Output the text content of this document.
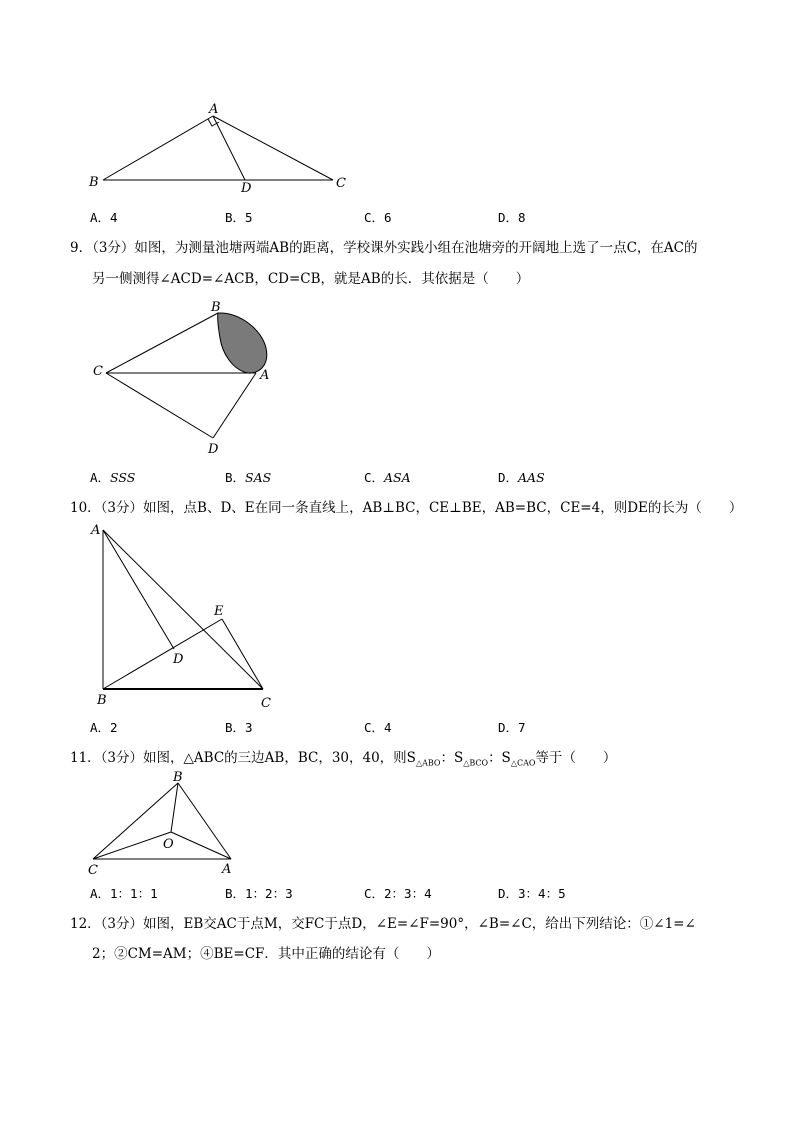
A
B	D	C
A．4	B．5	C．6	D．8
9．（3分）如图，为测量池塘两端AB的距离，学校课外实践小组在池塘旁的开阔地上选了一点C，在AC的
另一侧测得∠ACD=∠ACB，CD=CB，就是AB的长．其依据是（　　）
B
C	A
D
A．SSS	B．SAS	C．ASA	D．AAS
10．（3分）如图，点B、D、E在同一条直线上，AB⊥BC，CE⊥BE，AB=BC，CE=4，则DE的长为（　　）
A
E
D
B	C
A．2	B．3	C．4	D．7
11．（3分）如图，△ABC的三边AB，BC，30，40，则$S_{\triangle ABO}$：$S_{\triangle BCO}$：$S_{\triangle CAO}$等于（　　）
B
O
C	A
A．1：1：1	B．1：2：3	C．2：3：4	D．3：4：5
12．（3分）如图，EB交AC于点M，交FC于点D，∠E=∠F=90°，∠B=∠C，给出下列结论：①∠1=∠
2；②CM=AM；④BE=CF．其中正确的结论有（　　）
